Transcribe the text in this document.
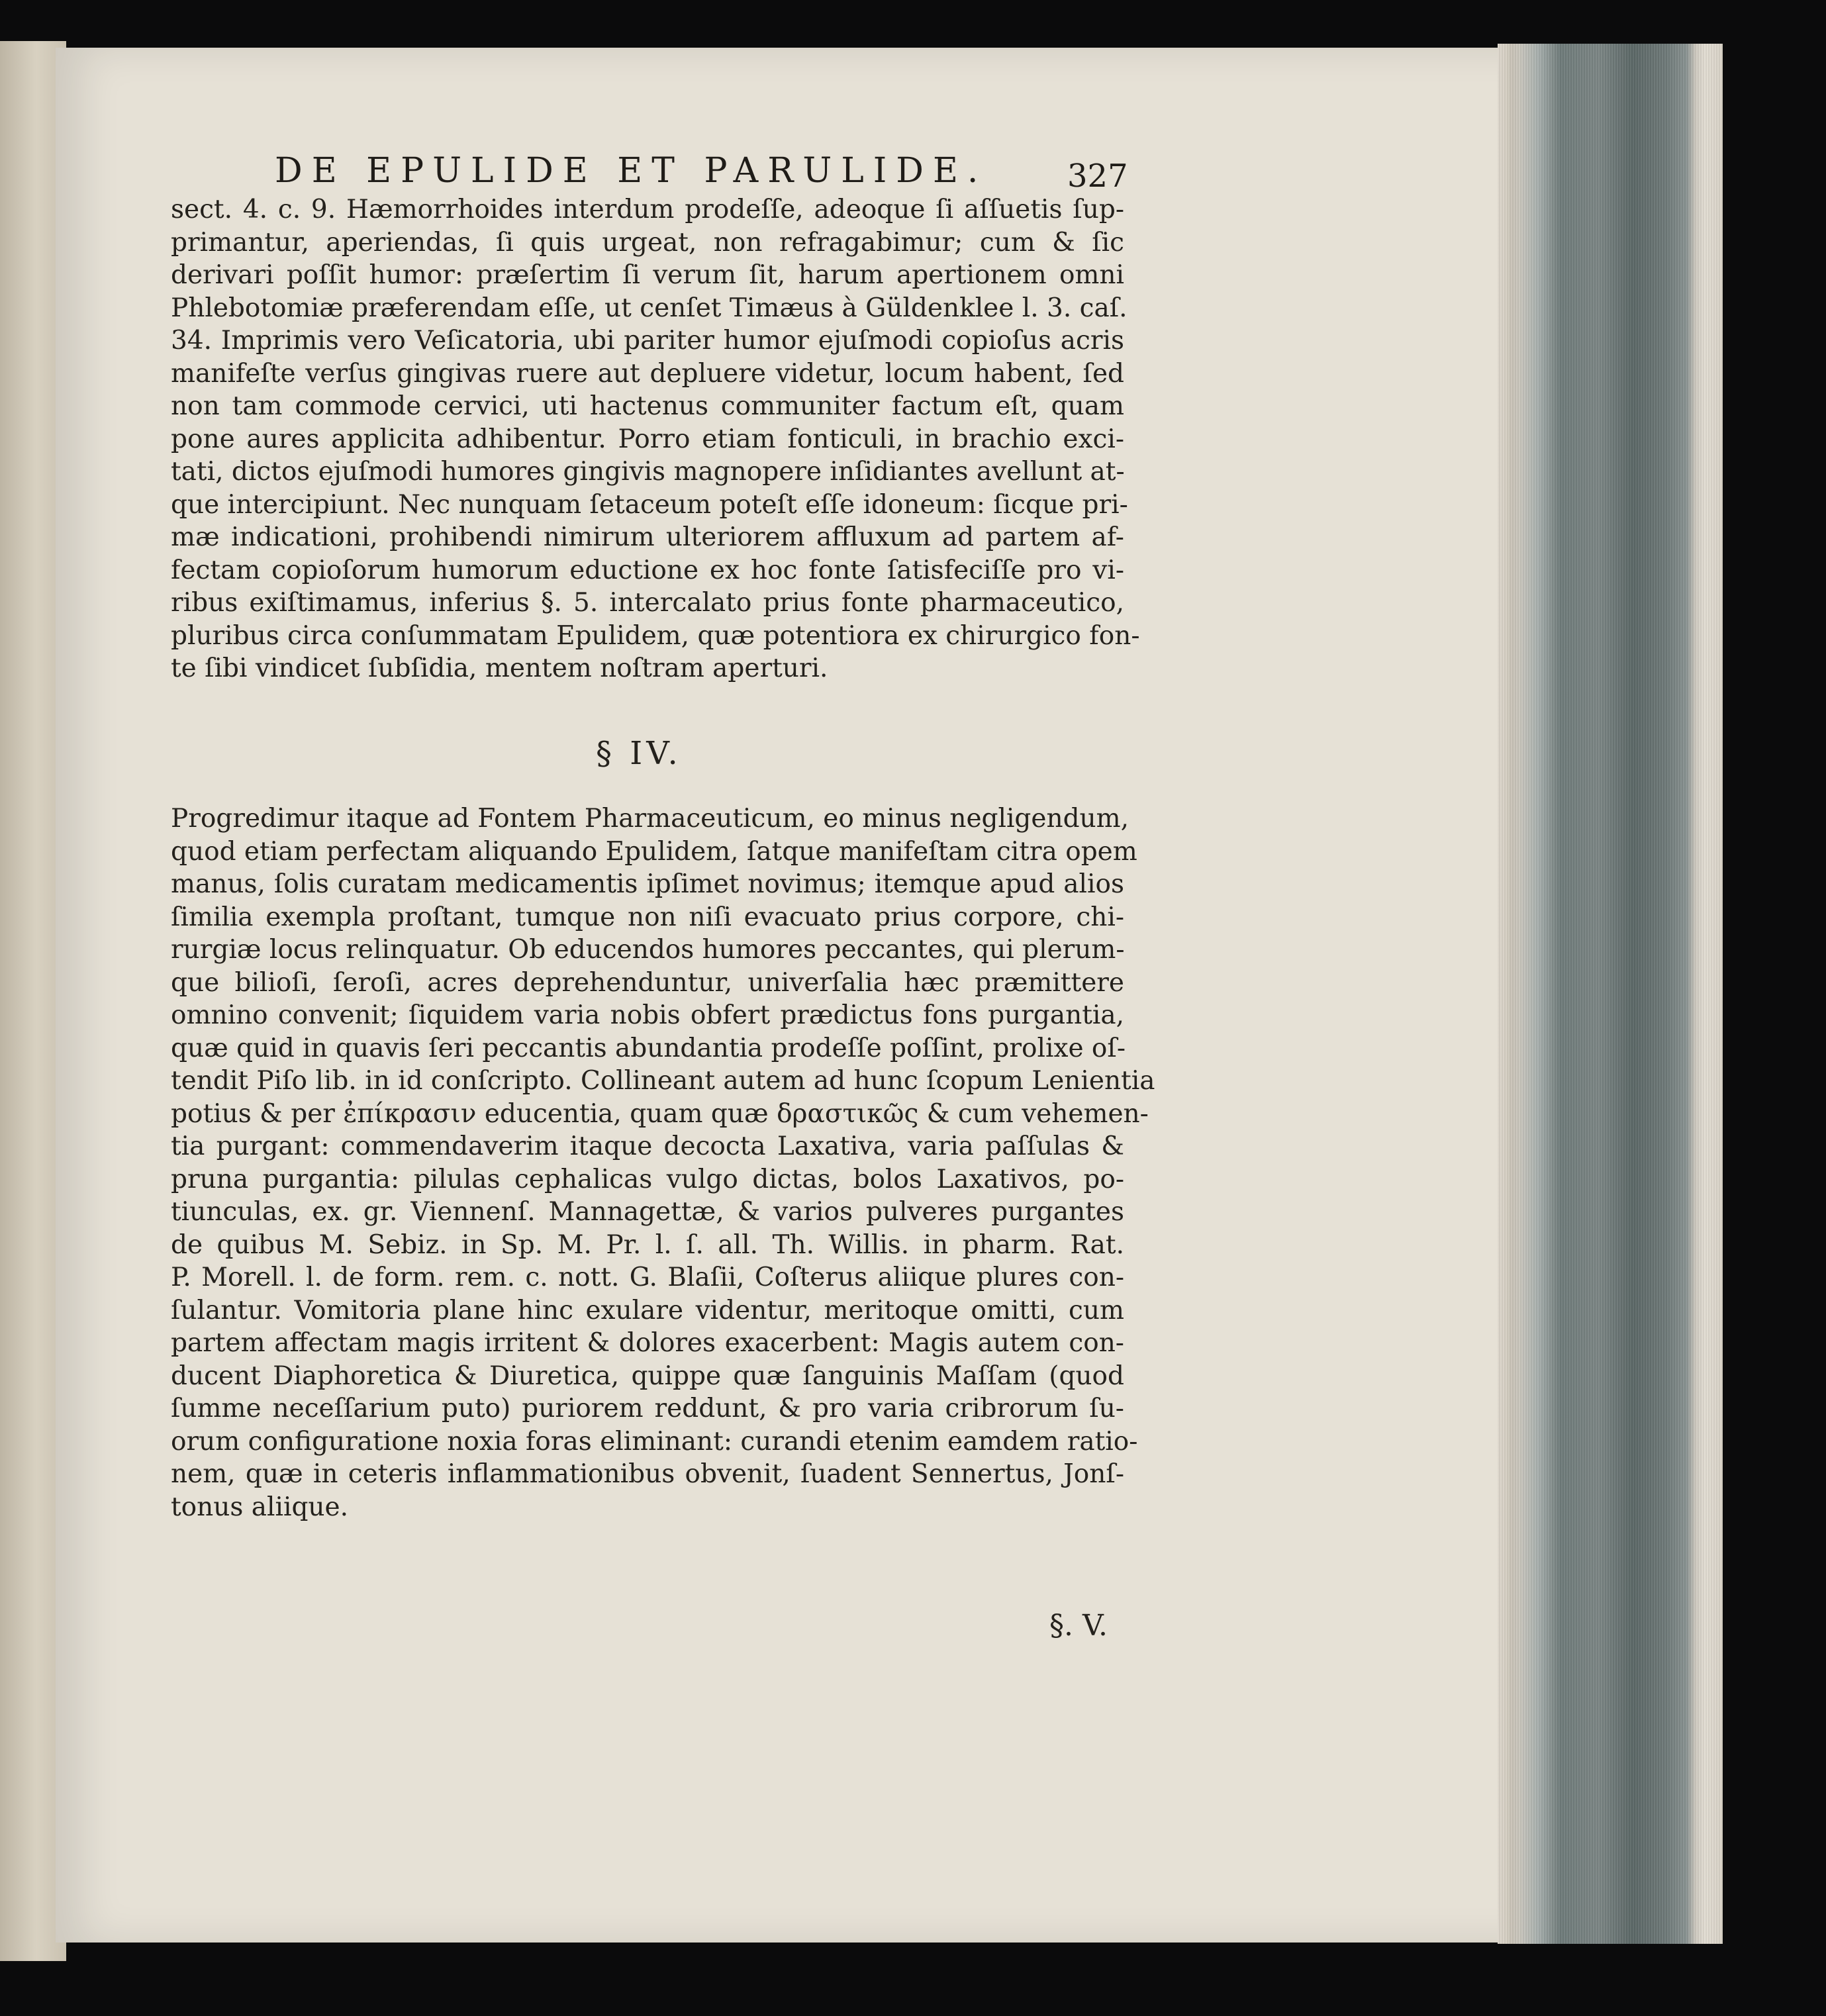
DE EPULIDE ET PARULIDE.	327
sect. 4. c. 9. Hæmorrhoides interdum prodeſſe, adeoque ſi aſſuetis ſup-
primantur, aperiendas, ſi quis urgeat, non refragabimur; cum & ſic
derivari poſſit humor: præſertim ſi verum ſit, harum apertionem omni
Phlebotomiæ præferendam eſſe, ut cenſet Timæus à Güldenklee l. 3. caſ.
34. Imprimis vero Veſicatoria, ubi pariter humor ejuſmodi copioſus acris
manifeſte verſus gingivas ruere aut depluere videtur, locum habent, ſed
non tam commode cervici, uti hactenus communiter factum eſt, quam
pone aures applicita adhibentur. Porro etiam fonticuli, in brachio exci-
tati, dictos ejuſmodi humores gingivis magnopere inſidiantes avellunt at-
que intercipiunt. Nec nunquam ſetaceum poteſt eſſe idoneum: ſicque pri-
mæ indicationi, prohibendi nimirum ulteriorem affluxum ad partem af-
fectam copioſorum humorum eductione ex hoc fonte ſatisfeciſſe pro vi-
ribus exiſtimamus, inferius §. 5. intercalato prius fonte pharmaceutico,
pluribus circa conſummatam Epulidem, quæ potentiora ex chirurgico fon-
te ſibi vindicet ſubſidia, mentem noſtram aperturi.
§ IV.
Progredimur itaque ad Fontem Pharmaceuticum, eo minus negligendum,
quod etiam perfectam aliquando Epulidem, ſatque manifeſtam citra opem
manus, ſolis curatam medicamentis ipſimet novimus; itemque apud alios
ſimilia exempla proſtant, tumque non niſi evacuato prius corpore, chi-
rurgiæ locus relinquatur. Ob educendos humores peccantes, qui plerum-
que bilioſi, ſeroſi, acres deprehenduntur, univerſalia hæc præmittere
omnino convenit; ſiquidem varia nobis obfert prædictus fons purgantia,
quæ quid in quavis ſeri peccantis abundantia prodeſſe poſſint, prolixe oſ-
tendit Piſo lib. in id conſcripto. Collineant autem ad hunc ſcopum Lenientia
potius & per ἐπίκρασιν educentia, quam quæ δραστικῶς & cum vehemen-
tia purgant: commendaverim itaque decocta Laxativa, varia paſſulas &
pruna purgantia: pilulas cephalicas vulgo dictas, bolos Laxativos, po-
tiunculas, ex. gr. Viennenſ. Mannagettæ, & varios pulveres purgantes
de quibus M. Sebiz. in Sp. M. Pr. l. ſ. all. Th. Willis. in pharm. Rat.
P. Morell. l. de form. rem. c. nott. G. Blaſii, Coſterus aliique plures con-
ſulantur. Vomitoria plane hinc exulare videntur, meritoque omitti, cum
partem affectam magis irritent & dolores exacerbent: Magis autem con-
ducent Diaphoretica & Diuretica, quippe quæ ſanguinis Maſſam (quod
ſumme neceſſarium puto) puriorem reddunt, & pro varia cribrorum ſu-
orum configuratione noxia foras eliminant: curandi etenim eamdem ratio-
nem, quæ in ceteris inflammationibus obvenit, ſuadent Sennertus, Jonſ-
tonus aliique.
§. V.
